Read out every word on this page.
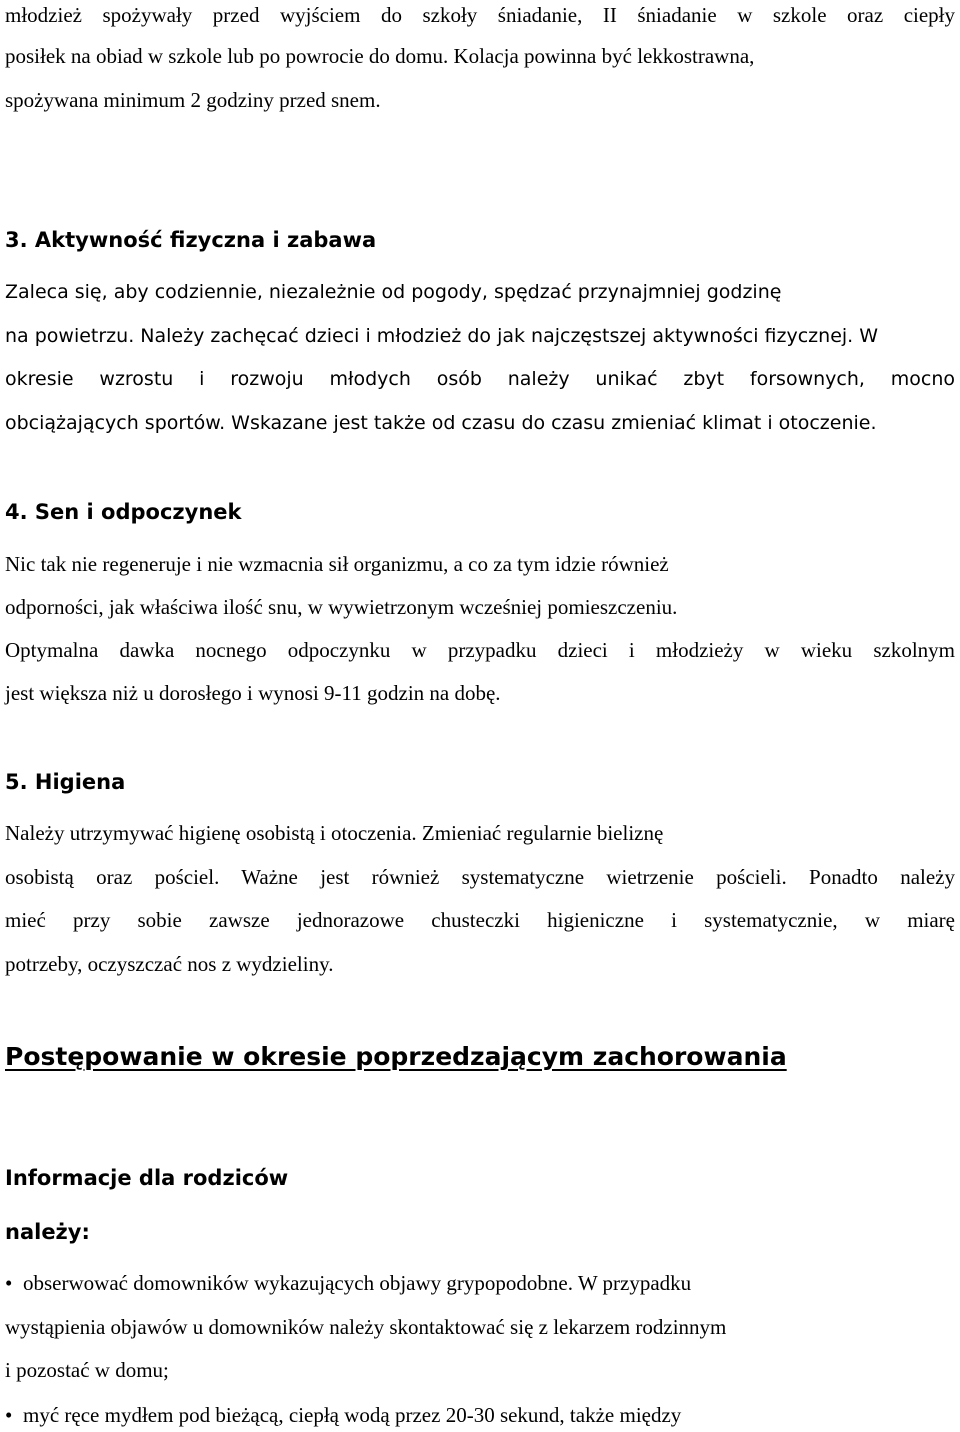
młodzież spożywały przed wyjściem do szkoły śniadanie, II śniadanie w szkole oraz ciepły
posiłek na obiad w szkole lub po powrocie do domu. Kolacja powinna być lekkostrawna,
spożywana minimum 2 godziny przed snem.
3. Aktywność fizyczna i zabawa
Zaleca się, aby codziennie, niezależnie od pogody, spędzać przynajmniej godzinę
na powietrzu. Należy zachęcać dzieci i młodzież do jak najczęstszej aktywności fizycznej. W
okresie wzrostu i rozwoju młodych osób należy unikać zbyt forsownych, mocno
obciążających sportów. Wskazane jest także od czasu do czasu zmieniać klimat i otoczenie.
4. Sen i odpoczynek
Nic tak nie regeneruje i nie wzmacnia sił organizmu, a co za tym idzie również
odporności, jak właściwa ilość snu, w wywietrzonym wcześniej pomieszczeniu.
Optymalna dawka nocnego odpoczynku w przypadku dzieci i młodzieży w wieku szkolnym
jest większa niż u dorosłego i wynosi 9-11 godzin na dobę.
5. Higiena
Należy utrzymywać higienę osobistą i otoczenia. Zmieniać regularnie bieliznę
osobistą oraz pościel. Ważne jest również systematyczne wietrzenie pościeli. Ponadto należy
mieć przy sobie zawsze jednorazowe chusteczki higieniczne i systematycznie, w miarę
potrzeby, oczyszczać nos z wydzieliny.
Postępowanie w okresie poprzedzającym zachorowania
Informacje dla rodziców
należy:
• obserwować domowników wykazujących objawy grypopodobne. W przypadku
wystąpienia objawów u domowników należy skontaktować się z lekarzem rodzinnym
i pozostać w domu;
• myć ręce mydłem pod bieżącą, ciepłą wodą przez 20-30 sekund, także między
